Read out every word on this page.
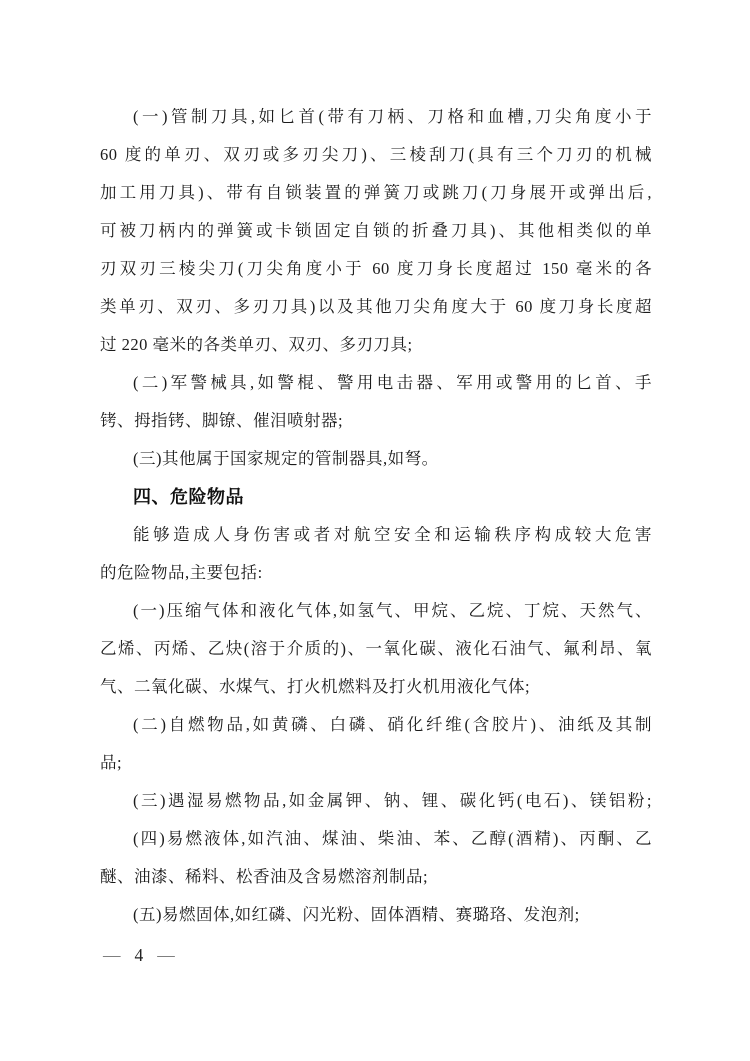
(一)管制刀具,如匕首(带有刀柄、刀格和血槽,刀尖角度小于
60 度的单刃、双刃或多刃尖刀)、三棱刮刀(具有三个刀刃的机械
加工用刀具)、带有自锁装置的弹簧刀或跳刀(刀身展开或弹出后,
可被刀柄内的弹簧或卡锁固定自锁的折叠刀具)、其他相类似的单
刃双刃三棱尖刀(刀尖角度小于 60 度刀身长度超过 150 毫米的各
类单刃、双刃、多刃刀具)以及其他刀尖角度大于 60 度刀身长度超
过 220 毫米的各类单刃、双刃、多刃刀具;
(二)军警械具,如警棍、警用电击器、军用或警用的匕首、手
铐、拇指铐、脚镣、催泪喷射器;
(三)其他属于国家规定的管制器具,如弩。
四、危险物品
能够造成人身伤害或者对航空安全和运输秩序构成较大危害
的危险物品,主要包括:
(一)压缩气体和液化气体,如氢气、甲烷、乙烷、丁烷、天然气、
乙烯、丙烯、乙炔(溶于介质的)、一氧化碳、液化石油气、氟利昂、氧
气、二氧化碳、水煤气、打火机燃料及打火机用液化气体;
(二)自燃物品,如黄磷、白磷、硝化纤维(含胶片)、油纸及其制
品;
(三)遇湿易燃物品,如金属钾、钠、锂、碳化钙(电石)、镁铝粉;
(四)易燃液体,如汽油、煤油、柴油、苯、乙醇(酒精)、丙酮、乙
醚、油漆、稀料、松香油及含易燃溶剂制品;
(五)易燃固体,如红磷、闪光粉、固体酒精、赛璐珞、发泡剂;
— 4 —
